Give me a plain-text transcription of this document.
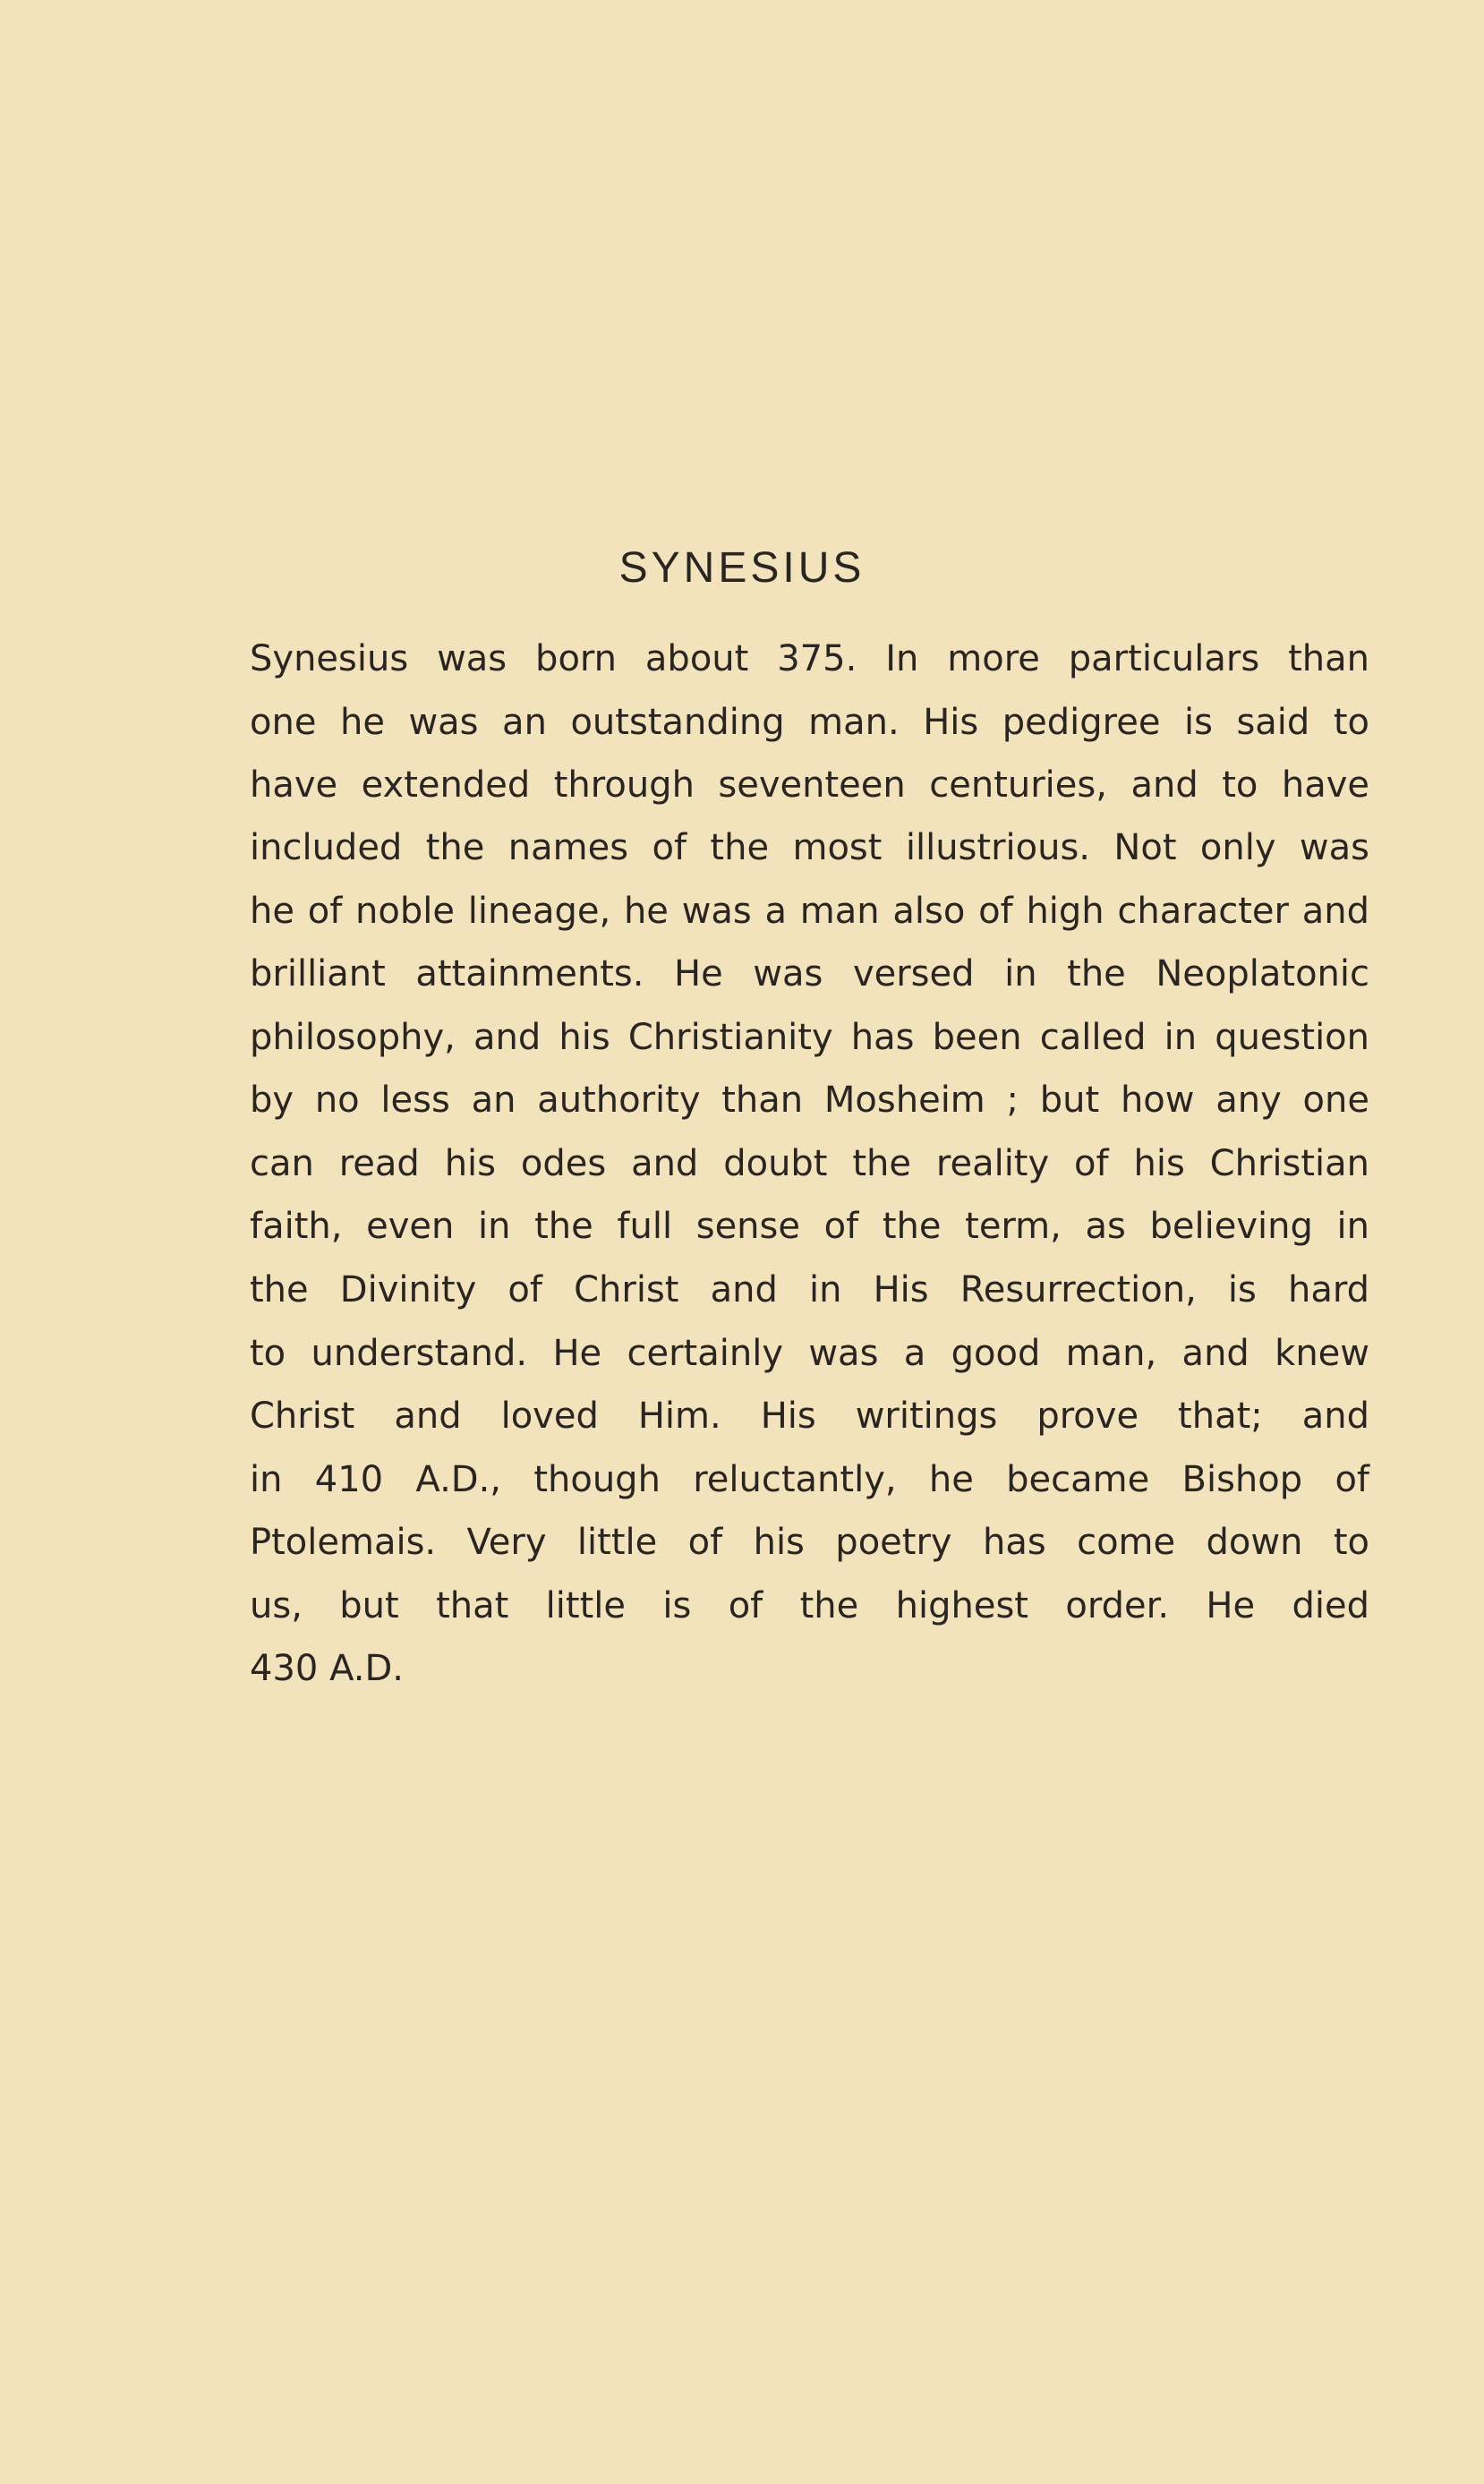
SYNESIUS
Synesius was born about 375. In more particulars than
one he was an outstanding man. His pedigree is said to
have extended through seventeen centuries, and to have
included the names of the most illustrious. Not only was
he of noble lineage, he was a man also of high character and
brilliant attainments. He was versed in the Neoplatonic
philosophy, and his Christianity has been called in question
by no less an authority than Mosheim ; but how any one
can read his odes and doubt the reality of his Christian
faith, even in the full sense of the term, as believing in
the Divinity of Christ and in His Resurrection, is hard
to understand. He certainly was a good man, and knew
Christ and loved Him. His writings prove that; and
in 410 A.D., though reluctantly, he became Bishop of
Ptolemais. Very little of his poetry has come down to
us, but that little is of the highest order. He died
430 A.D.
